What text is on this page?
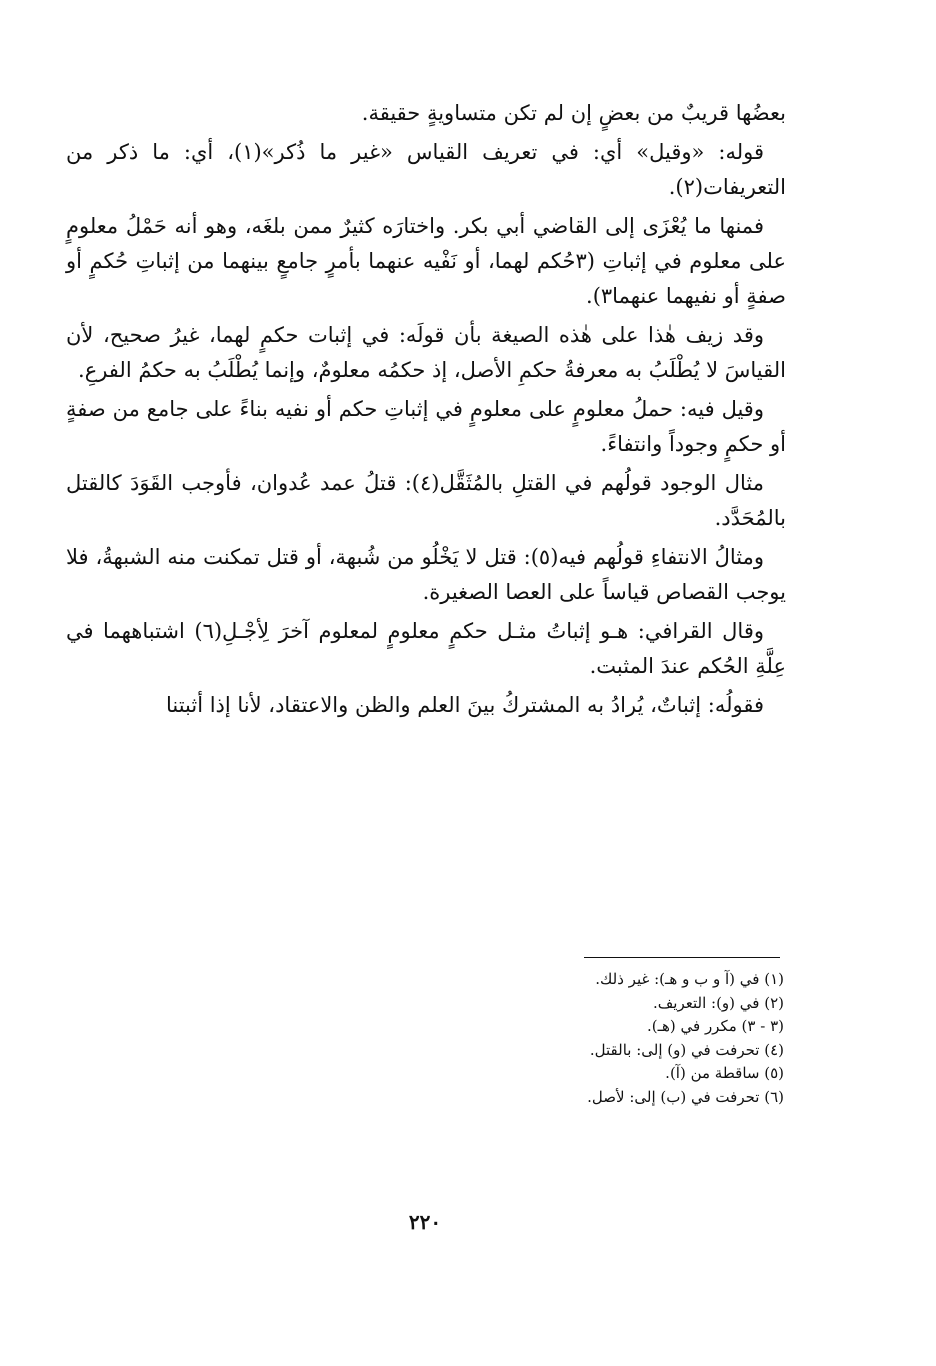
بعضُها قريبٌ من بعضٍ إن لم تكن متساويةٍ حقيقة.

قوله: «وقيل» أي: في تعريف القياس «غير ما ذُكر»(١)، أي: ما ذكر من التعريفات(٢).

فمنها ما يُعْزَى إلى القاضي أبي بكر. واختارَه كثيرٌ ممن بلغَه، وهو أنه حَمْلُ معلومٍ على معلوم في إثباتِ (٣حُكم لهما، أو نَفْيه عنهما بأمرٍ جامعٍ بينهما من إثباتِ حُكمٍ أو صفةٍ أو نفيهما عنهما٣).

وقد زيف هٰذا على هٰذه الصيغة بأن قولَه: في إثبات حكمٍ لهما، غيرُ صحيح، لأن القياسَ لا يُطْلَبُ به معرفةُ حكمِ الأصل، إذ حكمُه معلومٌ، وإنما يُطْلَبُ به حكمُ الفرعِ.

وقيل فيه: حملُ معلومٍ على معلومٍ في إثباتِ حكم أو نفيه بناءً على جامع من صفةٍ أو حكمٍ وجوداً وانتفاءً.

مثال الوجود قولُهم في القتلِ بالمُثَقَّل(٤): قتلُ عمد عُدوان، فأوجب القَوَدَ كالقتل بالمُحَدَّد.

ومثالُ الانتفاءِ قولُهم فيه(٥): قتل لا يَخْلُو من شُبهة، أو قتل تمكنت منه الشبهةُ، فلا يوجب القصاص قياساً على العصا الصغيرة.

وقال القرافي: هـو إثباتُ مثـل حكمٍ معلومٍ لمعلوم آخرَ لِأجْـلِ(٦) اشتباههما في عِلَّةِ الحُكم عندَ المثبت.

فقولُه: إثباتٌ، يُرادُ به المشتركُ بينَ العلم والظن والاعتقاد، لأنا إذا أثبتنا

(١) في (آ و ب و هـ): غير ذلك.
(٢) في (و): التعريف.
(٣ - ٣) مكرر في (هـ).
(٤) تحرفت في (و) إلى: بالقتل.
(٥) ساقطة من (آ).
(٦) تحرفت في (ب) إلى: لأصل.
٢٢٠
